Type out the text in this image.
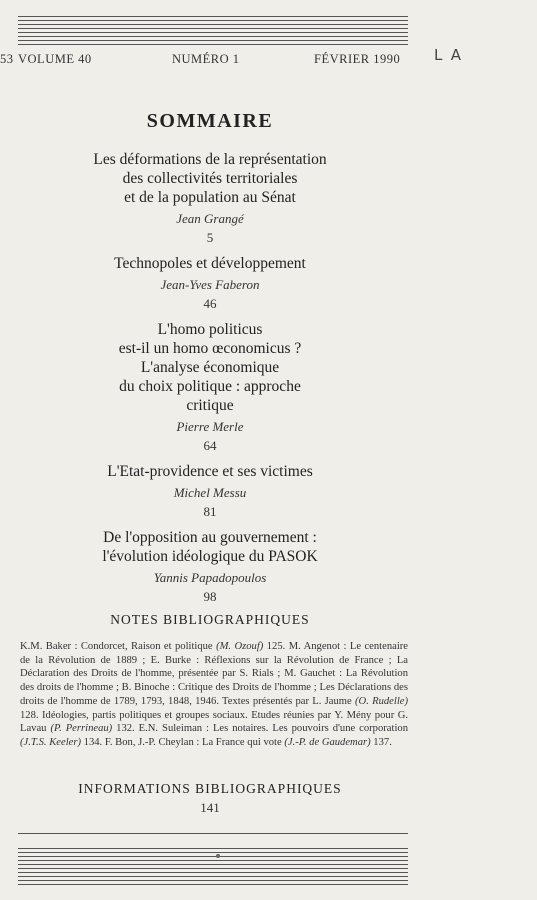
53 VOLUME 40	NUMÉRO 1	FÉVRIER 1990 LA
SOMMAIRE
Les déformations de la représentation
des collectivités territoriales
et de la population au Sénat
Jean Grangé
5
Technopoles et développement
Jean-Yves Faberon
46
L'homo politicus
est-il un homo œconomicus ?
L'analyse économique
du choix politique : approche
critique
Pierre Merle
64
L'Etat-providence et ses victimes
Michel Messu
81
De l'opposition au gouvernement :
l'évolution idéologique du PASOK
Yannis Papadopoulos
98
NOTES BIBLIOGRAPHIQUES
K.M. Baker : Condorcet, Raison et politique (M. Ozouf) 125. M. Angenot : Le centenaire de la Révolution de 1889 ; E. Burke : Réflexions sur la Révolution de France ; La Déclaration des Droits de l'homme, présentée par S. Rials ; M. Gauchet : La Révolution des droits de l'homme ; B. Binoche : Critique des Droits de l'homme ; Les Déclarations des droits de l'homme de 1789, 1793, 1848, 1946. Textes présentés par L. Jaume (O. Rudelle) 128. Idéologies, partis politiques et groupes sociaux. Etudes réunies par Y. Mény pour G. Lavau (P. Perrineau) 132. E.N. Suleiman : Les notaires. Les pouvoirs d'une corporation (J.T.S. Keeler) 134. F. Bon, J.-P. Cheylan : La France qui vote (J.-P. de Gaudemar) 137.
INFORMATIONS BIBLIOGRAPHIQUES
141
